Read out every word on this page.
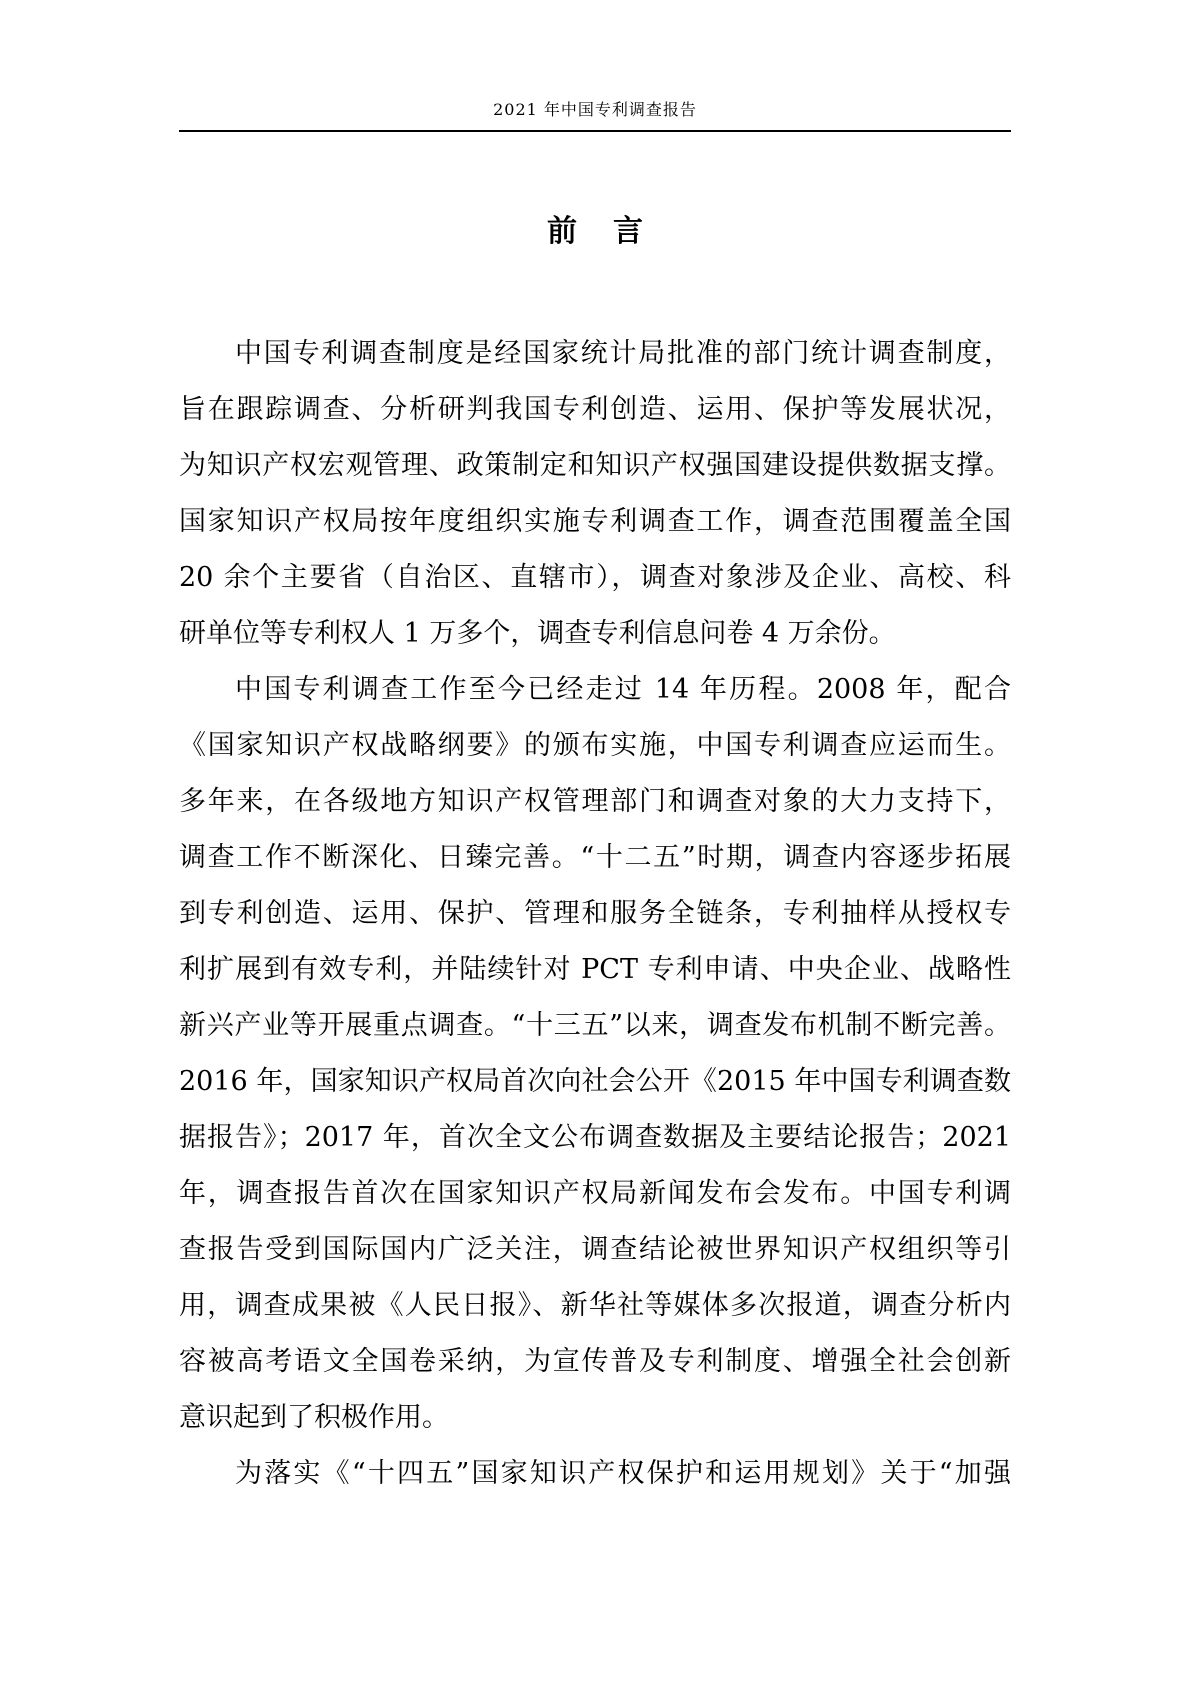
2021 年中国专利调查报告
前 言
中国专利调查制度是经国家统计局批准的部门统计调查制度，
旨在跟踪调查、分析研判我国专利创造、运用、保护等发展状况，
为知识产权宏观管理、政策制定和知识产权强国建设提供数据支撑。
国家知识产权局按年度组织实施专利调查工作，调查范围覆盖全国
20 余个主要省（自治区、直辖市），调查对象涉及企业、高校、科
研单位等专利权人 1 万多个，调查专利信息问卷 4 万余份。
中国专利调查工作至今已经走过 14 年历程。2008 年，配合
《国家知识产权战略纲要》的颁布实施，中国专利调查应运而生。
多年来，在各级地方知识产权管理部门和调查对象的大力支持下，
调查工作不断深化、日臻完善。“十二五”时期，调查内容逐步拓展
到专利创造、运用、保护、管理和服务全链条，专利抽样从授权专
利扩展到有效专利，并陆续针对 PCT 专利申请、中央企业、战略性
新兴产业等开展重点调查。“十三五”以来，调查发布机制不断完善。
2016 年，国家知识产权局首次向社会公开《2015 年中国专利调查数
据报告》；2017 年，首次全文公布调查数据及主要结论报告；2021
年，调查报告首次在国家知识产权局新闻发布会发布。中国专利调
查报告受到国际国内广泛关注，调查结论被世界知识产权组织等引
用，调查成果被《人民日报》、新华社等媒体多次报道，调查分析内
容被高考语文全国卷采纳，为宣传普及专利制度、增强全社会创新
意识起到了积极作用。
为落实《“十四五”国家知识产权保护和运用规划》关于“加强
